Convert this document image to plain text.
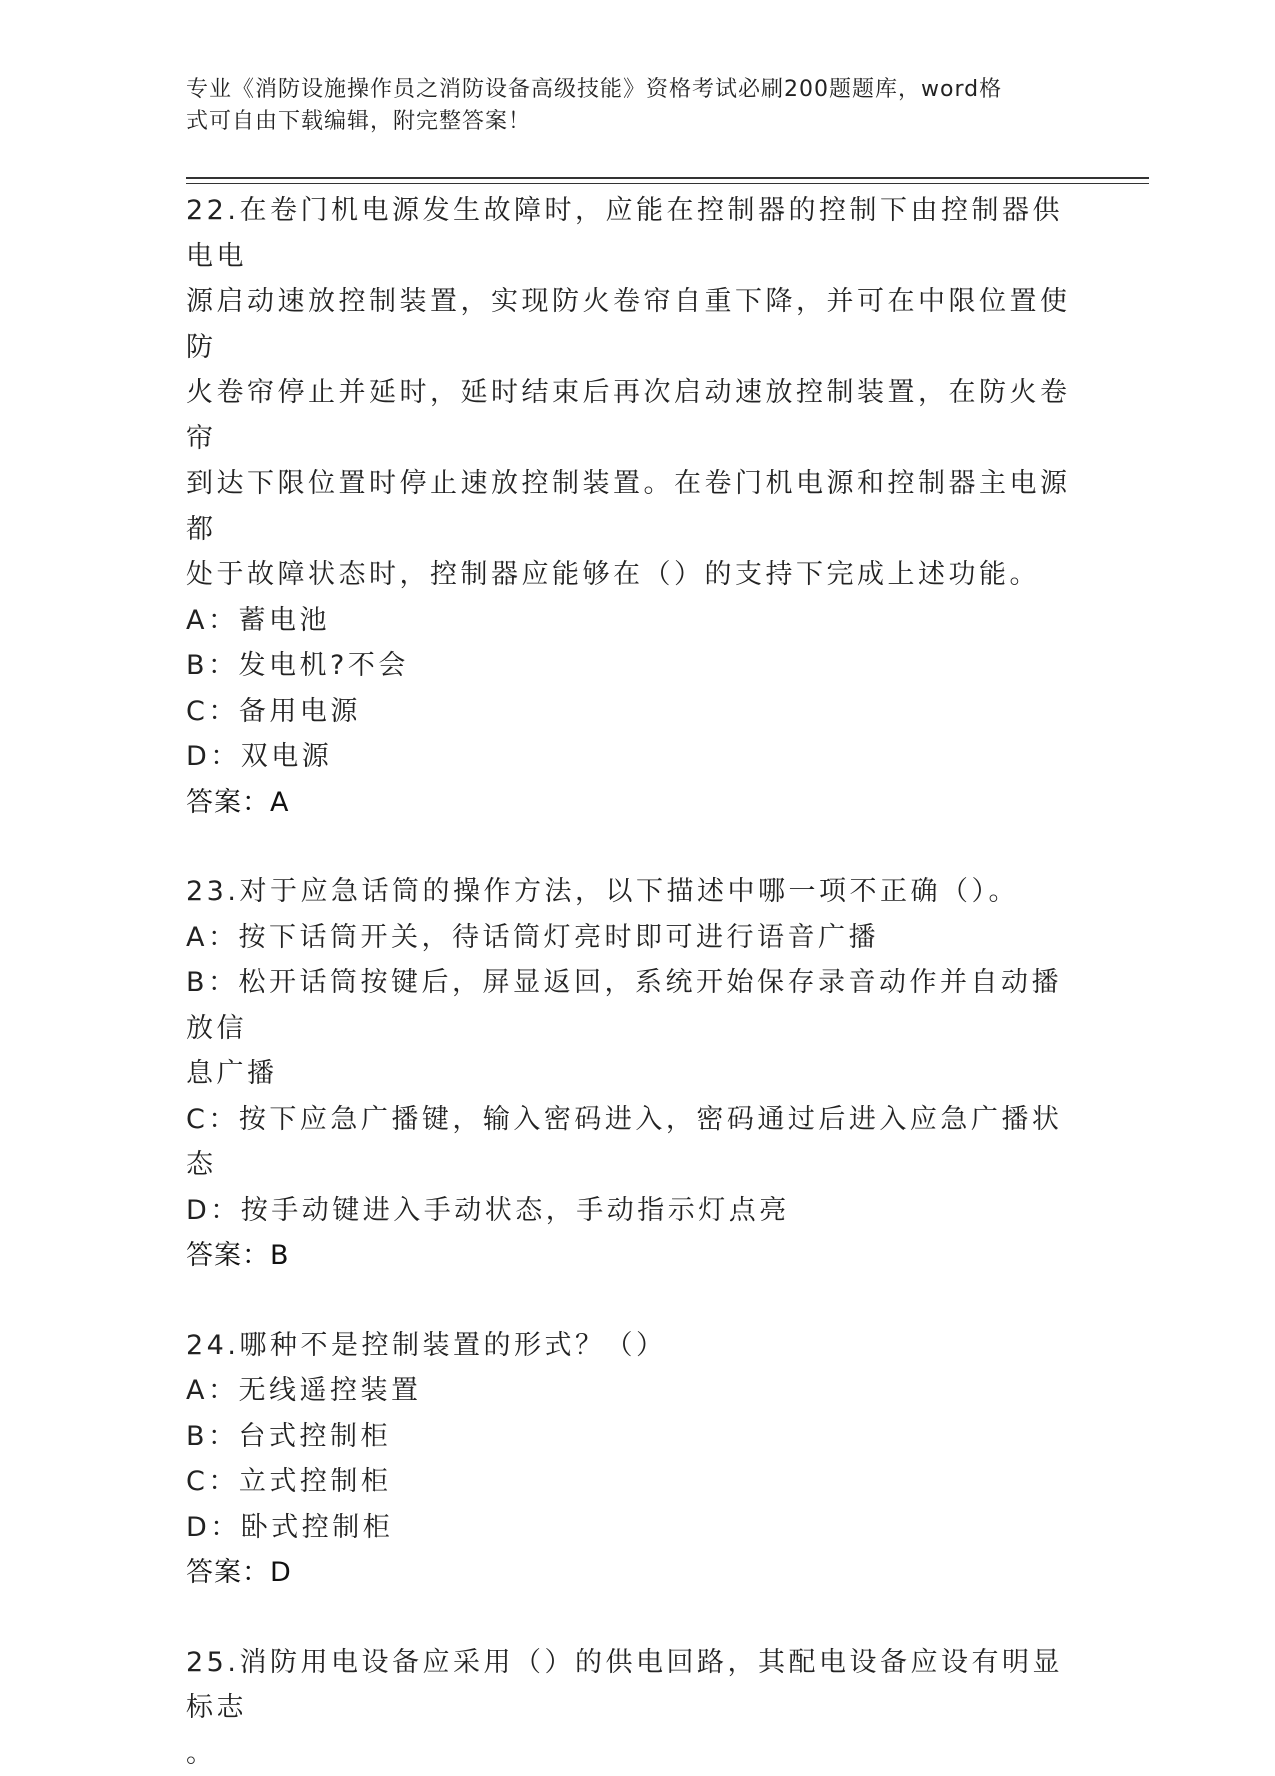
专业《消防设施操作员之消防设备高级技能》资格考试必刷200题题库，word格
式可自由下载编辑，附完整答案！
22.在卷门机电源发生故障时，应能在控制器的控制下由控制器供电电
源启动速放控制装置，实现防火卷帘自重下降，并可在中限位置使防
火卷帘停止并延时，延时结束后再次启动速放控制装置，在防火卷帘
到达下限位置时停止速放控制装置。在卷门机电源和控制器主电源都
处于故障状态时，控制器应能够在（）的支持下完成上述功能。
A：蓄电池
B：发电机?不会
C：备用电源
D：双电源
答案：A
23.对于应急话筒的操作方法，以下描述中哪一项不正确（）。
A：按下话筒开关，待话筒灯亮时即可进行语音广播
B：松开话筒按键后，屏显返回，系统开始保存录音动作并自动播放信
息广播
C：按下应急广播键，输入密码进入，密码通过后进入应急广播状态
D：按手动键进入手动状态，手动指示灯点亮
答案：B
24.哪种不是控制装置的形式？（）
A：无线遥控装置
B：台式控制柜
C：立式控制柜
D：卧式控制柜
答案：D
25.消防用电设备应采用（）的供电回路，其配电设备应设有明显标志
。
